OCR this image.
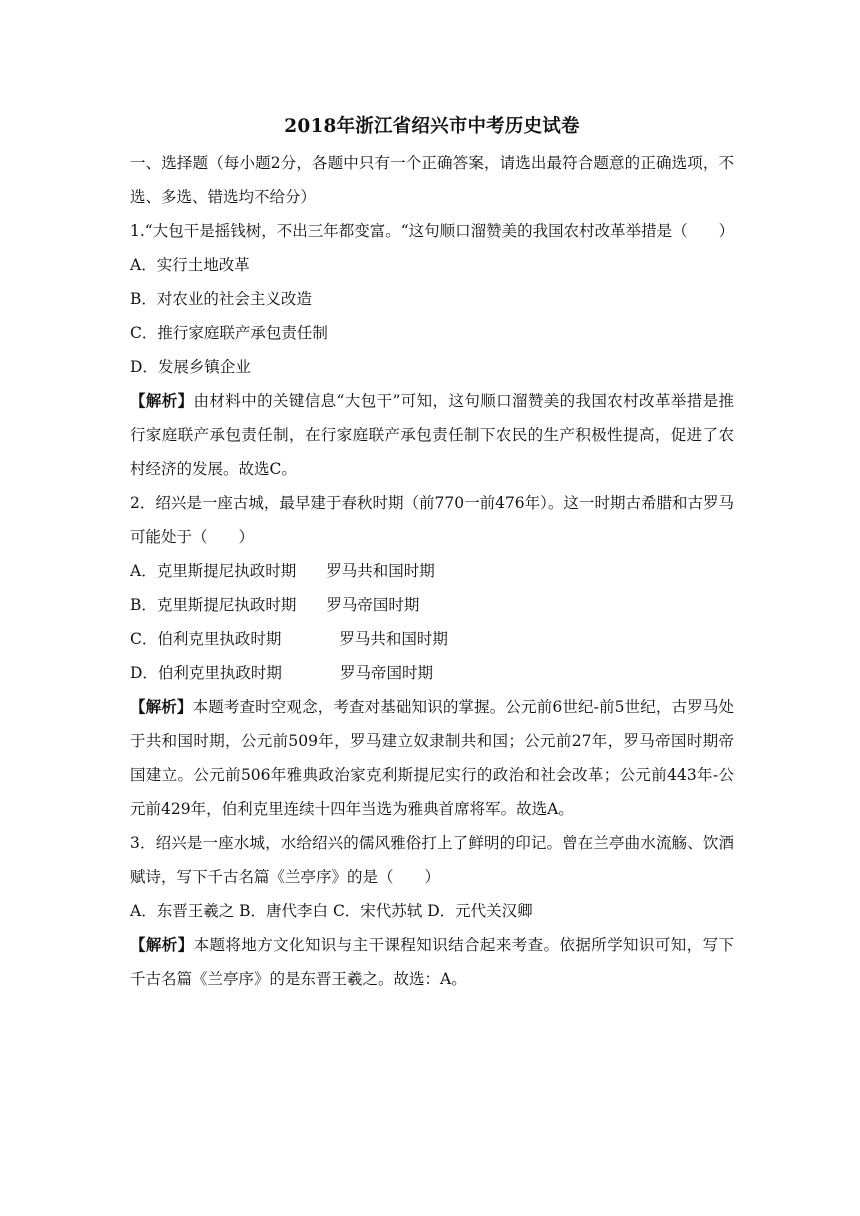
2018年浙江省绍兴市中考历史试卷

一、选择题（每小题2分，各题中只有一个正确答案，请选出最符合题意的正确选项，不选、多选、错选均不给分）

1.“大包干是摇钱树，不出三年都变富。“这句顺口溜赞美的我国农村改革举措是（　　）

A．实行土地改革

B．对农业的社会主义改造

C．推行家庭联产承包责任制

D．发展乡镇企业

【解析】由材料中的关键信息“大包干”可知，这句顺口溜赞美的我国农村改革举措是推行家庭联产承包责任制，在行家庭联产承包责任制下农民的生产积极性提高，促进了农村经济的发展。故选C。

2．绍兴是一座古城，最早建于春秋时期（前770一前476年）。这一时期古希腊和古罗马可能处于（　　）

A．克里斯提尼执政时期 罗马共和国时期

B．克里斯提尼执政时期 罗马帝国时期

C．伯利克里执政时期	罗马共和国时期

D．伯利克里执政时期	罗马帝国时期

【解析】本题考查时空观念，考查对基础知识的掌握。公元前6世纪-前5世纪，古罗马处于共和国时期，公元前509年，罗马建立奴隶制共和国；公元前27年，罗马帝国时期帝国建立。公元前506年雅典政治家克利斯提尼实行的政治和社会改革；公元前443年-公元前429年，伯利克里连续十四年当选为雅典首席将军。故选A。

3．绍兴是一座水城，水给绍兴的儒风雅俗打上了鲜明的印记。曾在兰亭曲水流觞、饮酒赋诗，写下千古名篇《兰亭序》的是（　　）

A．东晋王羲之 B．唐代李白 C．宋代苏轼 D．元代关汉卿

【解析】本题将地方文化知识与主干课程知识结合起来考查。依据所学知识可知，写下千古名篇《兰亭序》的是东晋王羲之。故选：A。
